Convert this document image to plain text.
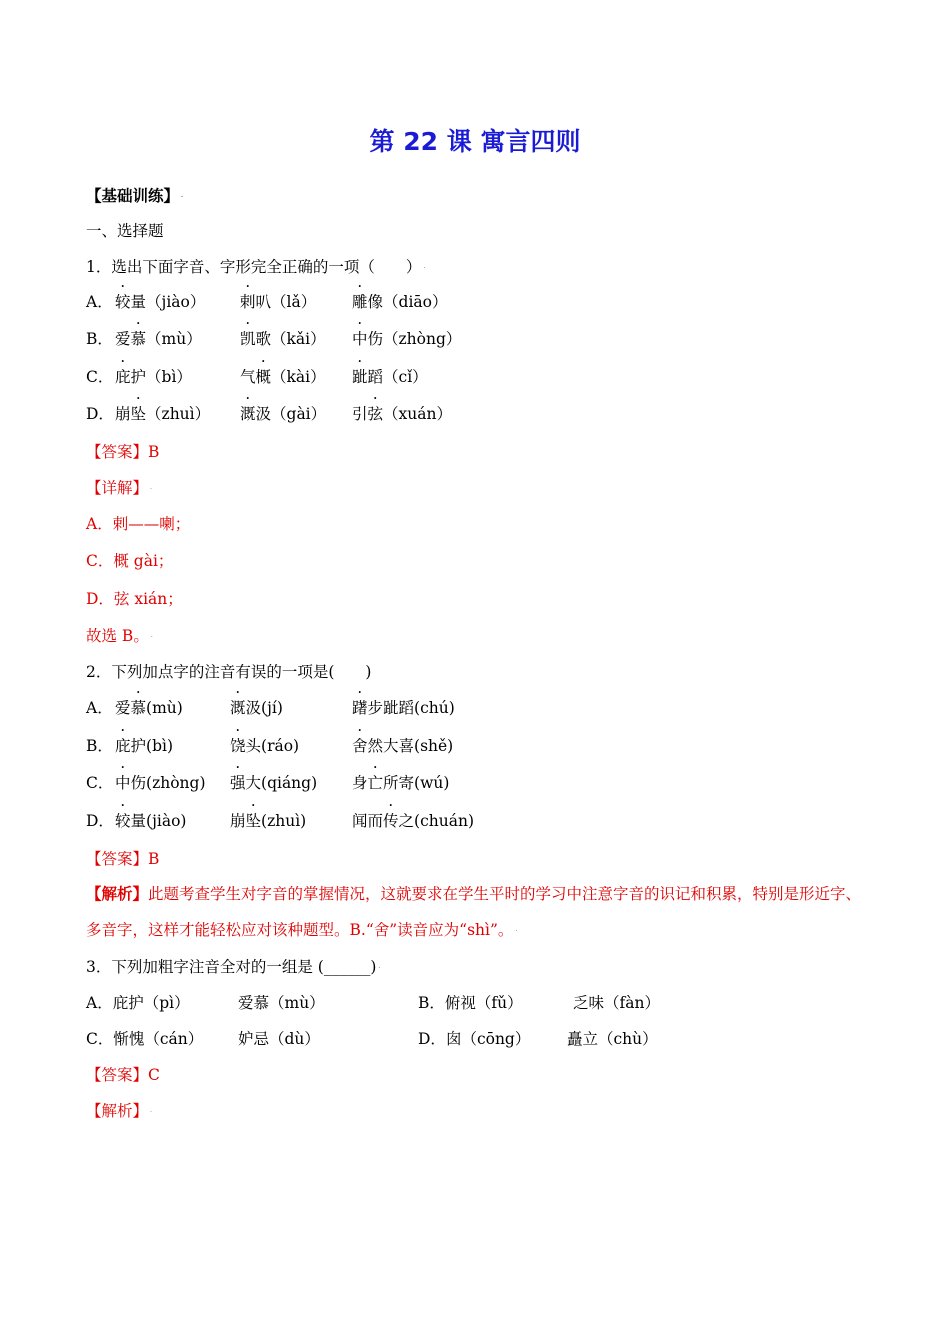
第 22 课 寓言四则
【基础训练】 .
一、选择题
1．选出下面字音、字形完全正确的一项（　　） .
A． 较量（jiào） 剌叭（lǎ） 雕像（diāo）
B． 爱慕（mù） 凯歌（kǎi） 中伤（zhòng）
C． 庇护（bì）	气概（kài） 跐蹈（cǐ）
D． 崩坠（zhuì） 溉汲（gài） 引弦（xuán）
【答案】B
【详解】 .
A．剌——喇；
C．概 gài；
D．弦 xián；
故选 B。 .
2．下列加点字的注音有误的一项是(　　)
A． 爱慕(mù)	溉汲(jí)	躇步跐蹈(chú)
B． 庇护(bì)	饶头(ráo)	舍然大喜(shě)
C． 中伤(zhòng) 强大(qiáng) 身亡所寄(wú)
D． 较量(jiào)	崩坠(zhuì)	闻而传之(chuán)
【答案】B
【解析】此题考查学生对字音的掌握情况，这就要求在学生平时的学习中注意字音的识记和积累，特别是形近字、多音字，这样才能轻松应对该种题型。B.“舍”读音应为“shì”。 .
3．下列加粗字注音全对的一组是 (______) .
A．庇护（pì）	爱慕（mù）	B．俯视（fǔ）	乏味（fàn）
C．惭愧（cán） 妒忌（dù）	D．囱（cōng） 矗立（chù）
【答案】C
【解析】 .
